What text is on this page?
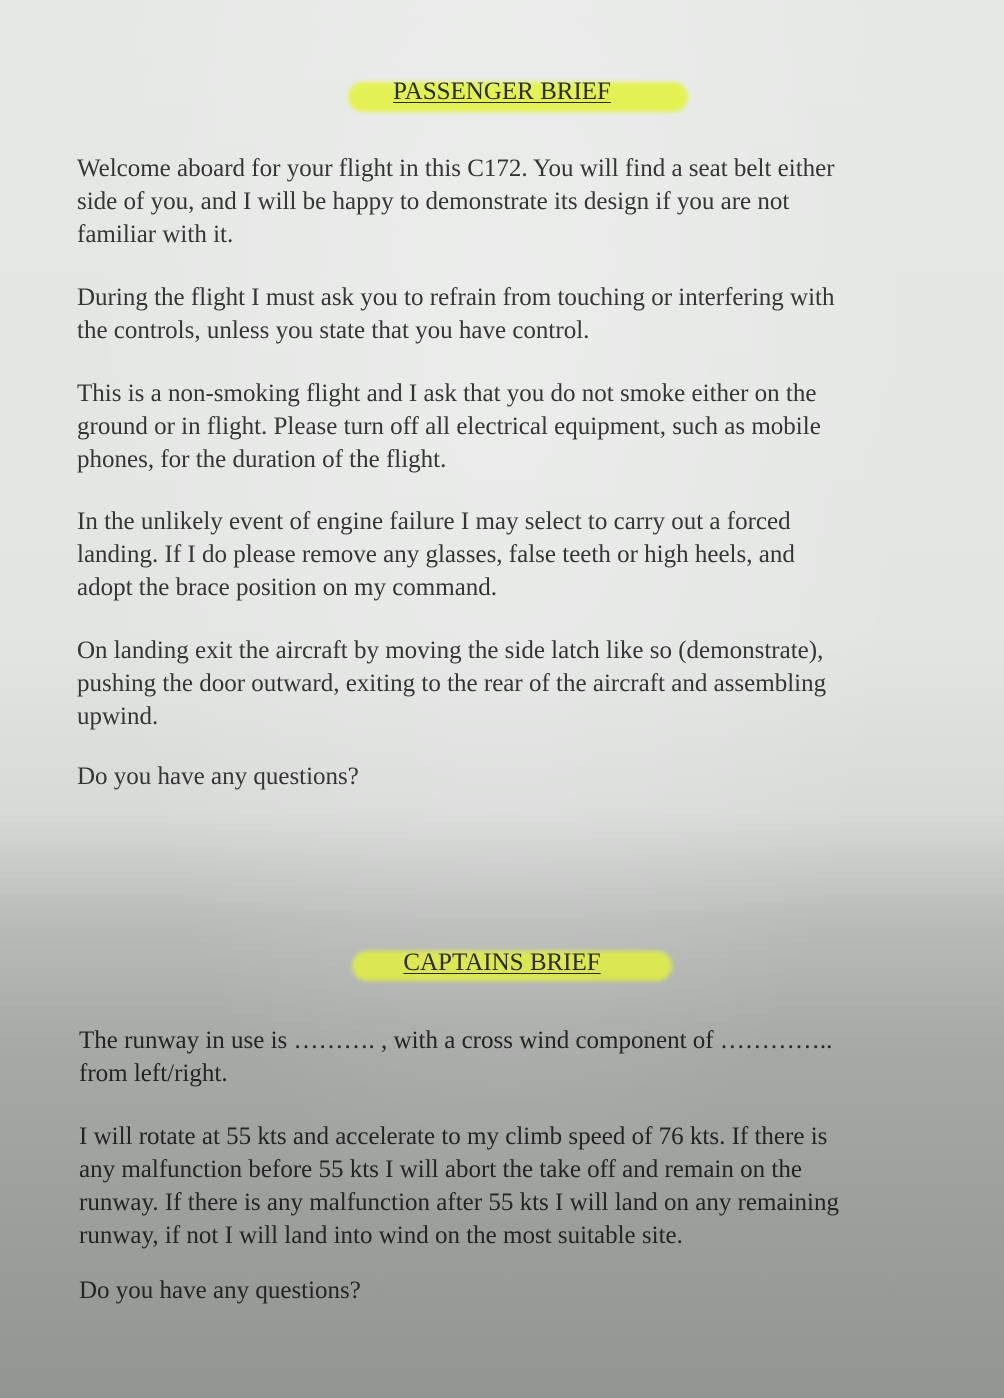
PASSENGER BRIEF

Welcome aboard for your flight in this C172. You will find a seat belt either
side of you, and I will be happy to demonstrate its design if you are not
familiar with it.

During the flight I must ask you to refrain from touching or interfering with
the controls, unless you state that you have control.

This is a non-smoking flight and I ask that you do not smoke either on the
ground or in flight. Please turn off all electrical equipment, such as mobile
phones, for the duration of the flight.

In the unlikely event of engine failure I may select to carry out a forced
landing. If I do please remove any glasses, false teeth or high heels, and
adopt the brace position on my command.

On landing exit the aircraft by moving the side latch like so (demonstrate),
pushing the door outward, exiting to the rear of the aircraft and assembling
upwind.

Do you have any questions?

CAPTAINS BRIEF

The runway in use is ………. , with a cross wind component of …………..
from left/right.

I will rotate at 55 kts and accelerate to my climb speed of 76 kts. If there is
any malfunction before 55 kts I will abort the take off and remain on the
runway. If there is any malfunction after 55 kts I will land on any remaining
runway, if not I will land into wind on the most suitable site.

Do you have any questions?
